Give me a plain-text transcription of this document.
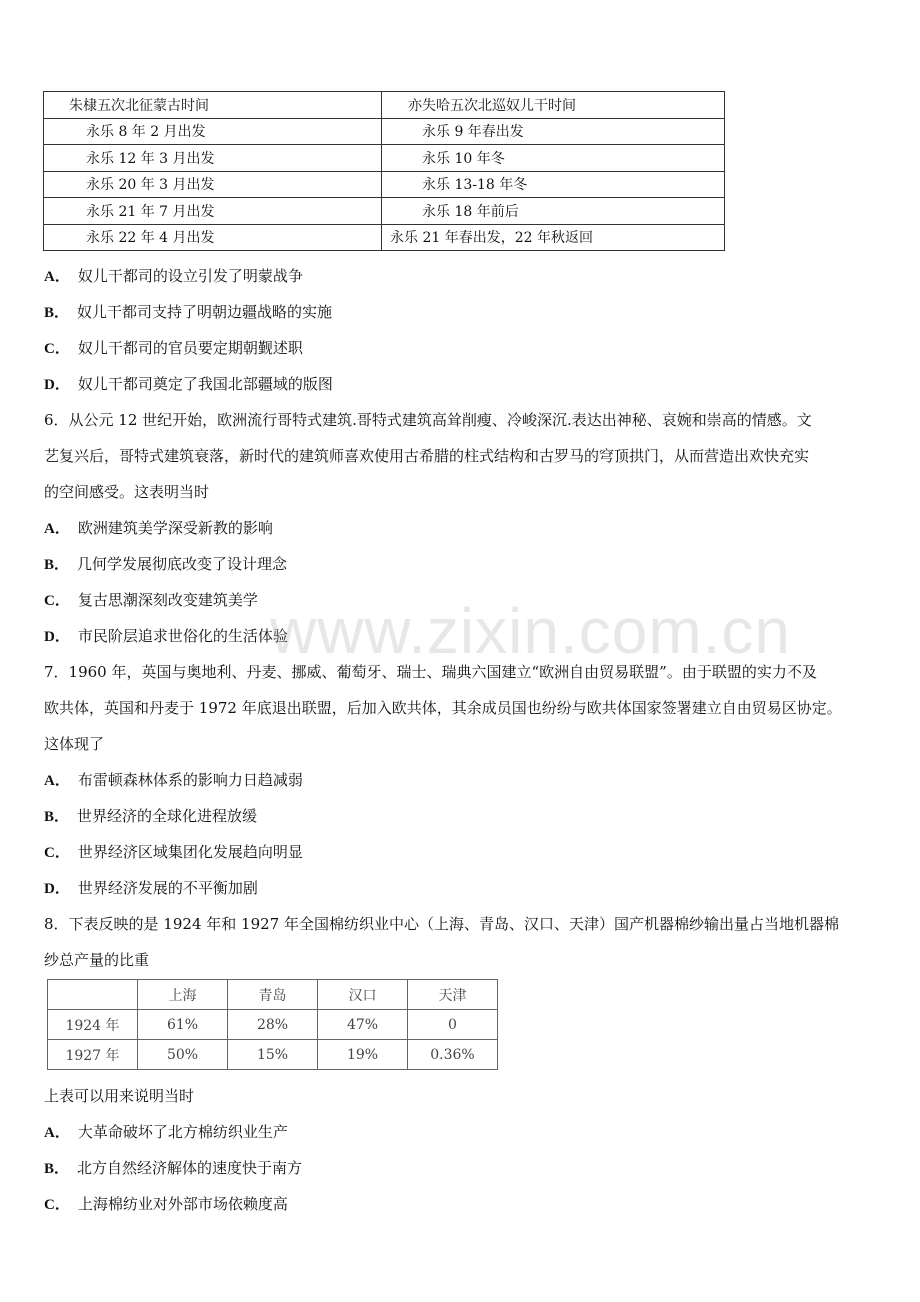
朱棣五次北征蒙古时间	亦失哈五次北巡奴儿干时间
永乐 8 年 2 月出发	永乐 9 年春出发
永乐 12 年 3 月出发	永乐 10 年冬
永乐 20 年 3 月出发	永乐 13-18 年冬
永乐 21 年 7 月出发	永乐 18 年前后
永乐 22 年 4 月出发	永乐 21 年春出发，22 年秋返回
A． 奴儿干都司的设立引发了明蒙战争
B． 奴儿干都司支持了明朝边疆战略的实施
C． 奴儿干都司的官员要定期朝觐述职
D． 奴儿干都司奠定了我国北部疆域的版图
6．从公元 12 世纪开始，欧洲流行哥特式建筑.哥特式建筑高耸削瘦、冷峻深沉.表达出神秘、哀婉和崇高的情感。文
艺复兴后，哥特式建筑衰落，新时代的建筑师喜欢使用古希腊的柱式结构和古罗马的穹顶拱门，从而营造出欢快充实
的空间感受。这表明当时
A． 欧洲建筑美学深受新教的影响
B． 几何学发展彻底改变了设计理念
C． 复古思潮深刻改变建筑美学
D． 市民阶层追求世俗化的生活体验
7．1960 年，英国与奥地利、丹麦、挪威、葡萄牙、瑞士、瑞典六国建立“欧洲自由贸易联盟”。由于联盟的实力不及
欧共体，英国和丹麦于 1972 年底退出联盟，后加入欧共体，其余成员国也纷纷与欧共体国家签署建立自由贸易区协定。
这体现了
A． 布雷顿森林体系的影响力日趋减弱
B． 世界经济的全球化进程放缓
C． 世界经济区域集团化发展趋向明显
D． 世界经济发展的不平衡加剧
8．下表反映的是 1924 年和 1927 年全国棉纺织业中心（上海、青岛、汉口、天津）国产机器棉纱输出量占当地机器棉
纱总产量的比重
	上海	青岛	汉口	天津
1924 年	61%	28%	47%	0
1927 年	50%	15%	19%	0.36%
上表可以用来说明当时
A． 大革命破坏了北方棉纺织业生产
B． 北方自然经济解体的速度快于南方
C． 上海棉纺业对外部市场依赖度高
www.zixin.com.cn
